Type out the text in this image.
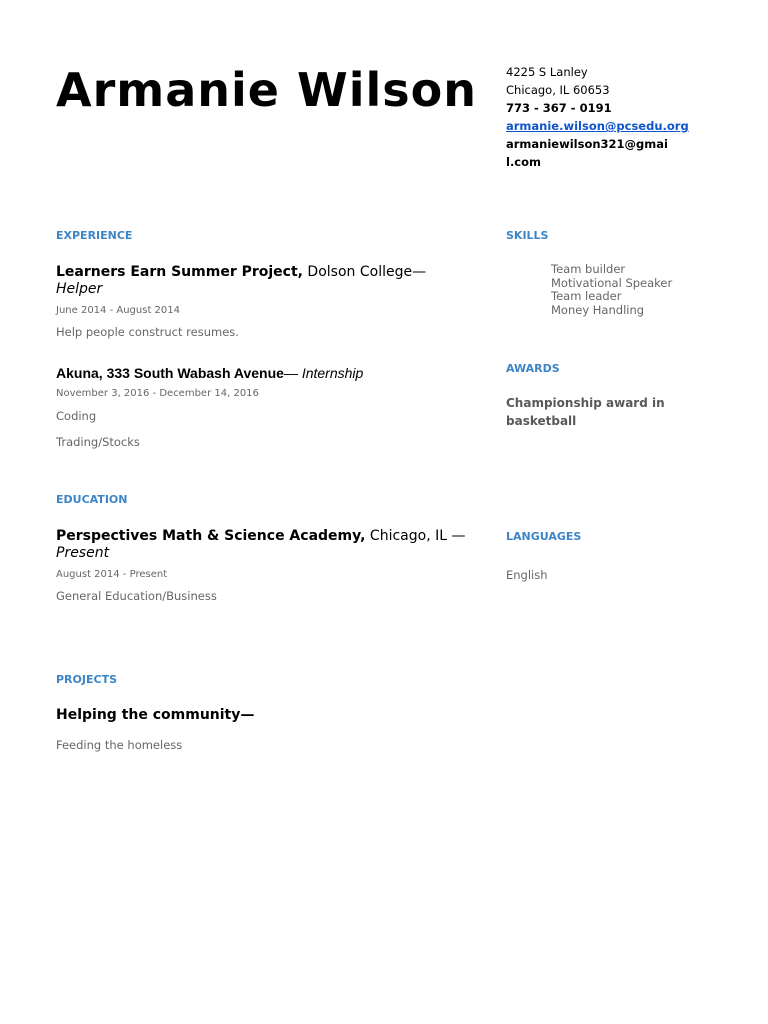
Armanie Wilson	4225 S Lanley
Chicago, IL 60653
773 - 367 - 0191
armanie.wilson@pcsedu.org
armaniewilson321@gmail.com
EXPERIENCE
Learners Earn Summer Project, Dolson College—
Helper
June 2014 - August 2014
Help people construct resumes.
Akuna, 333 South Wabash Avenue— Internship
November 3, 2016 - December 14, 2016
Coding
Trading/Stocks
EDUCATION
Perspectives Math & Science Academy, Chicago, IL —
Present
August 2014 - Present
General Education/Business
PROJECTS
Helping the community—
Feeding the homeless
SKILLS
Team builder
Motivational Speaker
Team leader
Money Handling
AWARDS
Championship award in basketball
LANGUAGES
English
